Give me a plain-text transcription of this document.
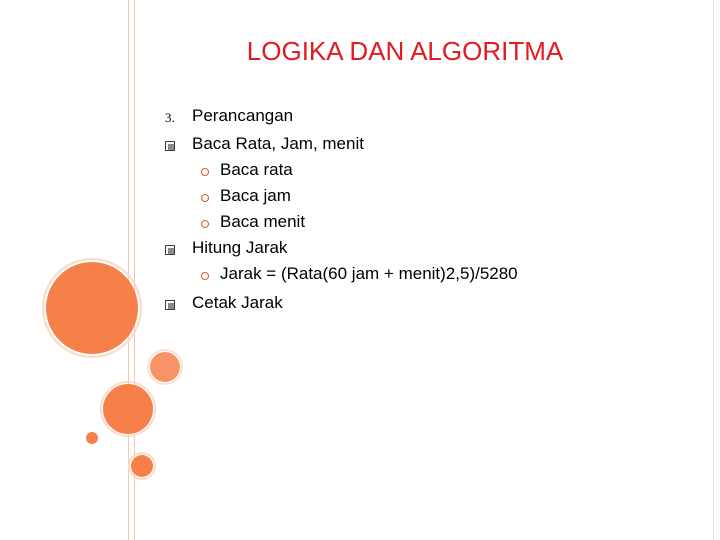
LOGIKA DAN ALGORITMA
3. Perancangan
Baca Rata, Jam, menit
Baca rata
Baca jam
Baca menit
Hitung Jarak
Jarak = (Rata(60 jam + menit)2,5)/5280
Cetak Jarak
